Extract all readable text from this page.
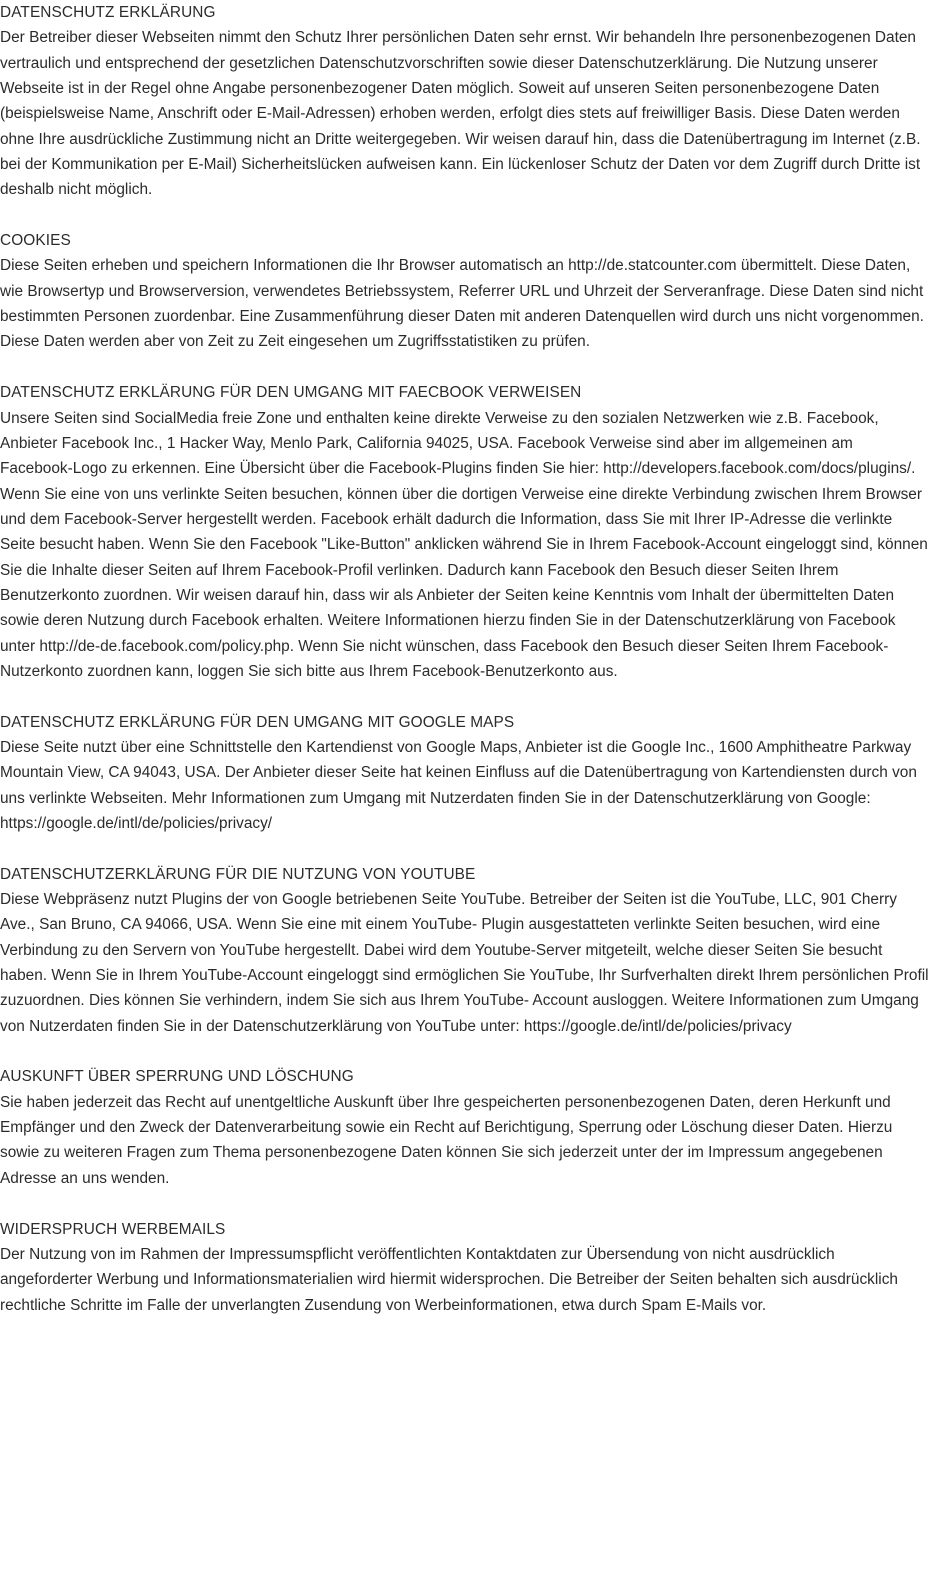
DATENSCHUTZ ERKLÄRUNG
Der Betreiber dieser Webseiten nimmt den Schutz Ihrer persönlichen Daten sehr ernst. Wir behandeln Ihre personenbezogenen Daten vertraulich und entsprechend der gesetzlichen Datenschutzvorschriften sowie dieser Datenschutzerklärung. Die Nutzung unserer Webseite ist in der Regel ohne Angabe personenbezogener Daten möglich. Soweit auf unseren Seiten personenbezogene Daten (beispielsweise Name, Anschrift oder E-Mail-Adressen) erhoben werden, erfolgt dies stets auf freiwilliger Basis. Diese Daten werden ohne Ihre ausdrückliche Zustimmung nicht an Dritte weitergegeben. Wir weisen darauf hin, dass die Datenübertragung im Internet (z.B. bei der Kommunikation per E-Mail) Sicherheitslücken aufweisen kann. Ein lückenloser Schutz der Daten vor dem Zugriff durch Dritte ist deshalb nicht möglich.
COOKIES
Diese Seiten erheben und speichern Informationen die Ihr Browser automatisch an http://de.statcounter.com übermittelt. Diese Daten, wie Browsertyp und Browserversion, verwendetes Betriebssystem, Referrer URL und Uhrzeit der Serveranfrage. Diese Daten sind nicht bestimmten Personen zuordenbar. Eine Zusammenführung dieser Daten mit anderen Datenquellen wird durch uns nicht vorgenommen. Diese Daten werden aber von Zeit zu Zeit eingesehen um Zugriffsstatistiken zu prüfen.
DATENSCHUTZ ERKLÄRUNG FÜR DEN UMGANG MIT FAECBOOK VERWEISEN
Unsere Seiten sind SocialMedia freie Zone und enthalten keine direkte Verweise zu den sozialen Netzwerken wie z.B. Facebook, Anbieter Facebook Inc., 1 Hacker Way, Menlo Park, California 94025, USA. Facebook Verweise sind aber im allgemeinen am Facebook-Logo zu erkennen. Eine Übersicht über die Facebook-Plugins finden Sie hier: http://developers.facebook.com/docs/plugins/. Wenn Sie eine von uns verlinkte Seiten besuchen, können über die dortigen Verweise eine direkte Verbindung zwischen Ihrem Browser und dem Facebook-Server hergestellt werden. Facebook erhält dadurch die Information, dass Sie mit Ihrer IP-Adresse die verlinkte Seite besucht haben. Wenn Sie den Facebook "Like-Button" anklicken während Sie in Ihrem Facebook-Account eingeloggt sind, können Sie die Inhalte dieser Seiten auf Ihrem Facebook-Profil verlinken. Dadurch kann Facebook den Besuch dieser Seiten Ihrem Benutzerkonto zuordnen. Wir weisen darauf hin, dass wir als Anbieter der Seiten keine Kenntnis vom Inhalt der übermittelten Daten sowie deren Nutzung durch Facebook erhalten. Weitere Informationen hierzu finden Sie in der Datenschutzerklärung von Facebook unter http://de-de.facebook.com/policy.php. Wenn Sie nicht wünschen, dass Facebook den Besuch dieser Seiten Ihrem Facebook-Nutzerkonto zuordnen kann, loggen Sie sich bitte aus Ihrem Facebook-Benutzerkonto aus.
DATENSCHUTZ ERKLÄRUNG FÜR DEN UMGANG MIT GOOGLE MAPS
Diese Seite nutzt über eine Schnittstelle den Kartendienst von Google Maps, Anbieter ist die Google Inc., 1600 Amphitheatre Parkway Mountain View, CA 94043, USA. Der Anbieter dieser Seite hat keinen Einfluss auf die Datenübertragung von Kartendiensten durch von uns verlinkte Webseiten. Mehr Informationen zum Umgang mit Nutzerdaten finden Sie in der Datenschutzerklärung von Google: https://google.de/intl/de/policies/privacy/
DATENSCHUTZERKLÄRUNG FÜR DIE NUTZUNG VON YOUTUBE
Diese Webpräsenz nutzt Plugins der von Google betriebenen Seite YouTube. Betreiber der Seiten ist die YouTube, LLC, 901 Cherry Ave., San Bruno, CA 94066, USA. Wenn Sie eine mit einem YouTube- Plugin ausgestatteten verlinkte Seiten besuchen, wird eine Verbindung zu den Servern von YouTube hergestellt. Dabei wird dem Youtube-Server mitgeteilt, welche dieser Seiten Sie besucht haben. Wenn Sie in Ihrem YouTube-Account eingeloggt sind ermöglichen Sie YouTube, Ihr Surfverhalten direkt Ihrem persönlichen Profil zuzuordnen. Dies können Sie verhindern, indem Sie sich aus Ihrem YouTube- Account ausloggen. Weitere Informationen zum Umgang von Nutzerdaten finden Sie in der Datenschutzerklärung von YouTube unter: https://google.de/intl/de/policies/privacy
AUSKUNFT ÜBER SPERRUNG UND LÖSCHUNG
Sie haben jederzeit das Recht auf unentgeltliche Auskunft über Ihre gespeicherten personenbezogenen Daten, deren Herkunft und Empfänger und den Zweck der Datenverarbeitung sowie ein Recht auf Berichtigung, Sperrung oder Löschung dieser Daten. Hierzu sowie zu weiteren Fragen zum Thema personenbezogene Daten können Sie sich jederzeit unter der im Impressum angegebenen Adresse an uns wenden.
WIDERSPRUCH WERBEMAILS
Der Nutzung von im Rahmen der Impressumspflicht veröffentlichten Kontaktdaten zur Übersendung von nicht ausdrücklich angeforderter Werbung und Informationsmaterialien wird hiermit widersprochen. Die Betreiber der Seiten behalten sich ausdrücklich rechtliche Schritte im Falle der unverlangten Zusendung von Werbeinformationen, etwa durch Spam E-Mails vor.
